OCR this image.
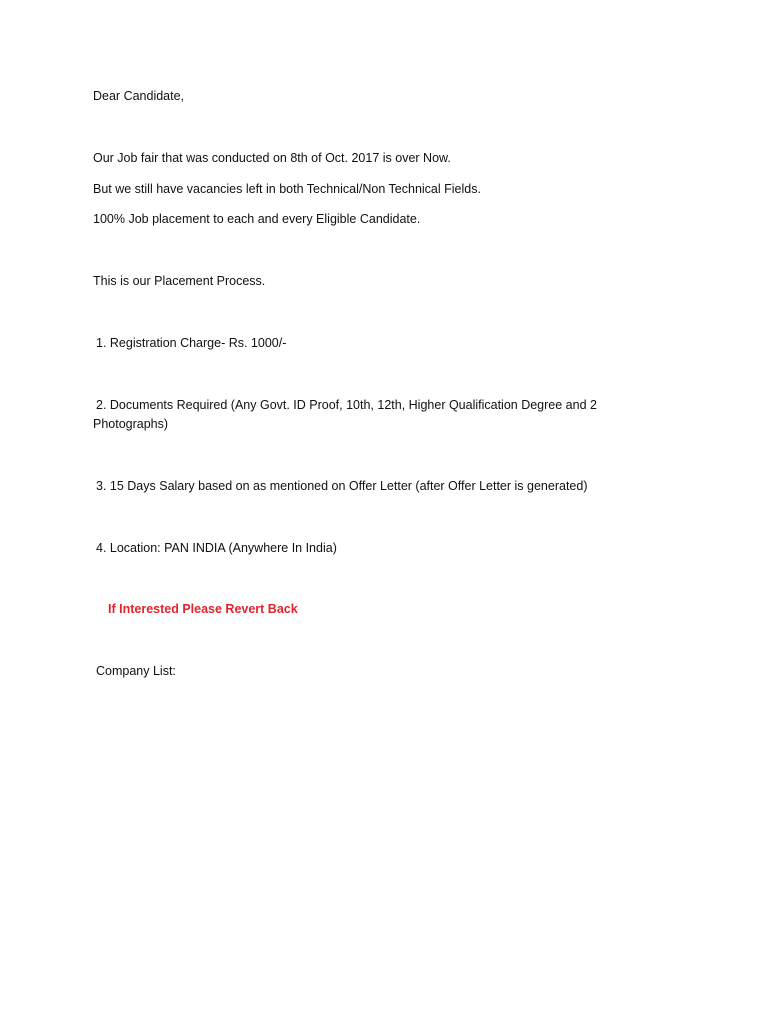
Dear Candidate,
Our Job fair that was conducted on 8th of Oct. 2017 is over Now.
But we still have vacancies left in both Technical/Non Technical Fields.
100% Job placement to each and every Eligible Candidate.
This is our Placement Process.
1. Registration Charge- Rs. 1000/-
2. Documents Required (Any Govt. ID Proof, 10th, 12th, Higher Qualification Degree and 2 Photographs)
3. 15 Days Salary based on as mentioned on Offer Letter (after Offer Letter is generated)
4. Location: PAN INDIA (Anywhere In India)
If Interested Please Revert Back
Company List:
